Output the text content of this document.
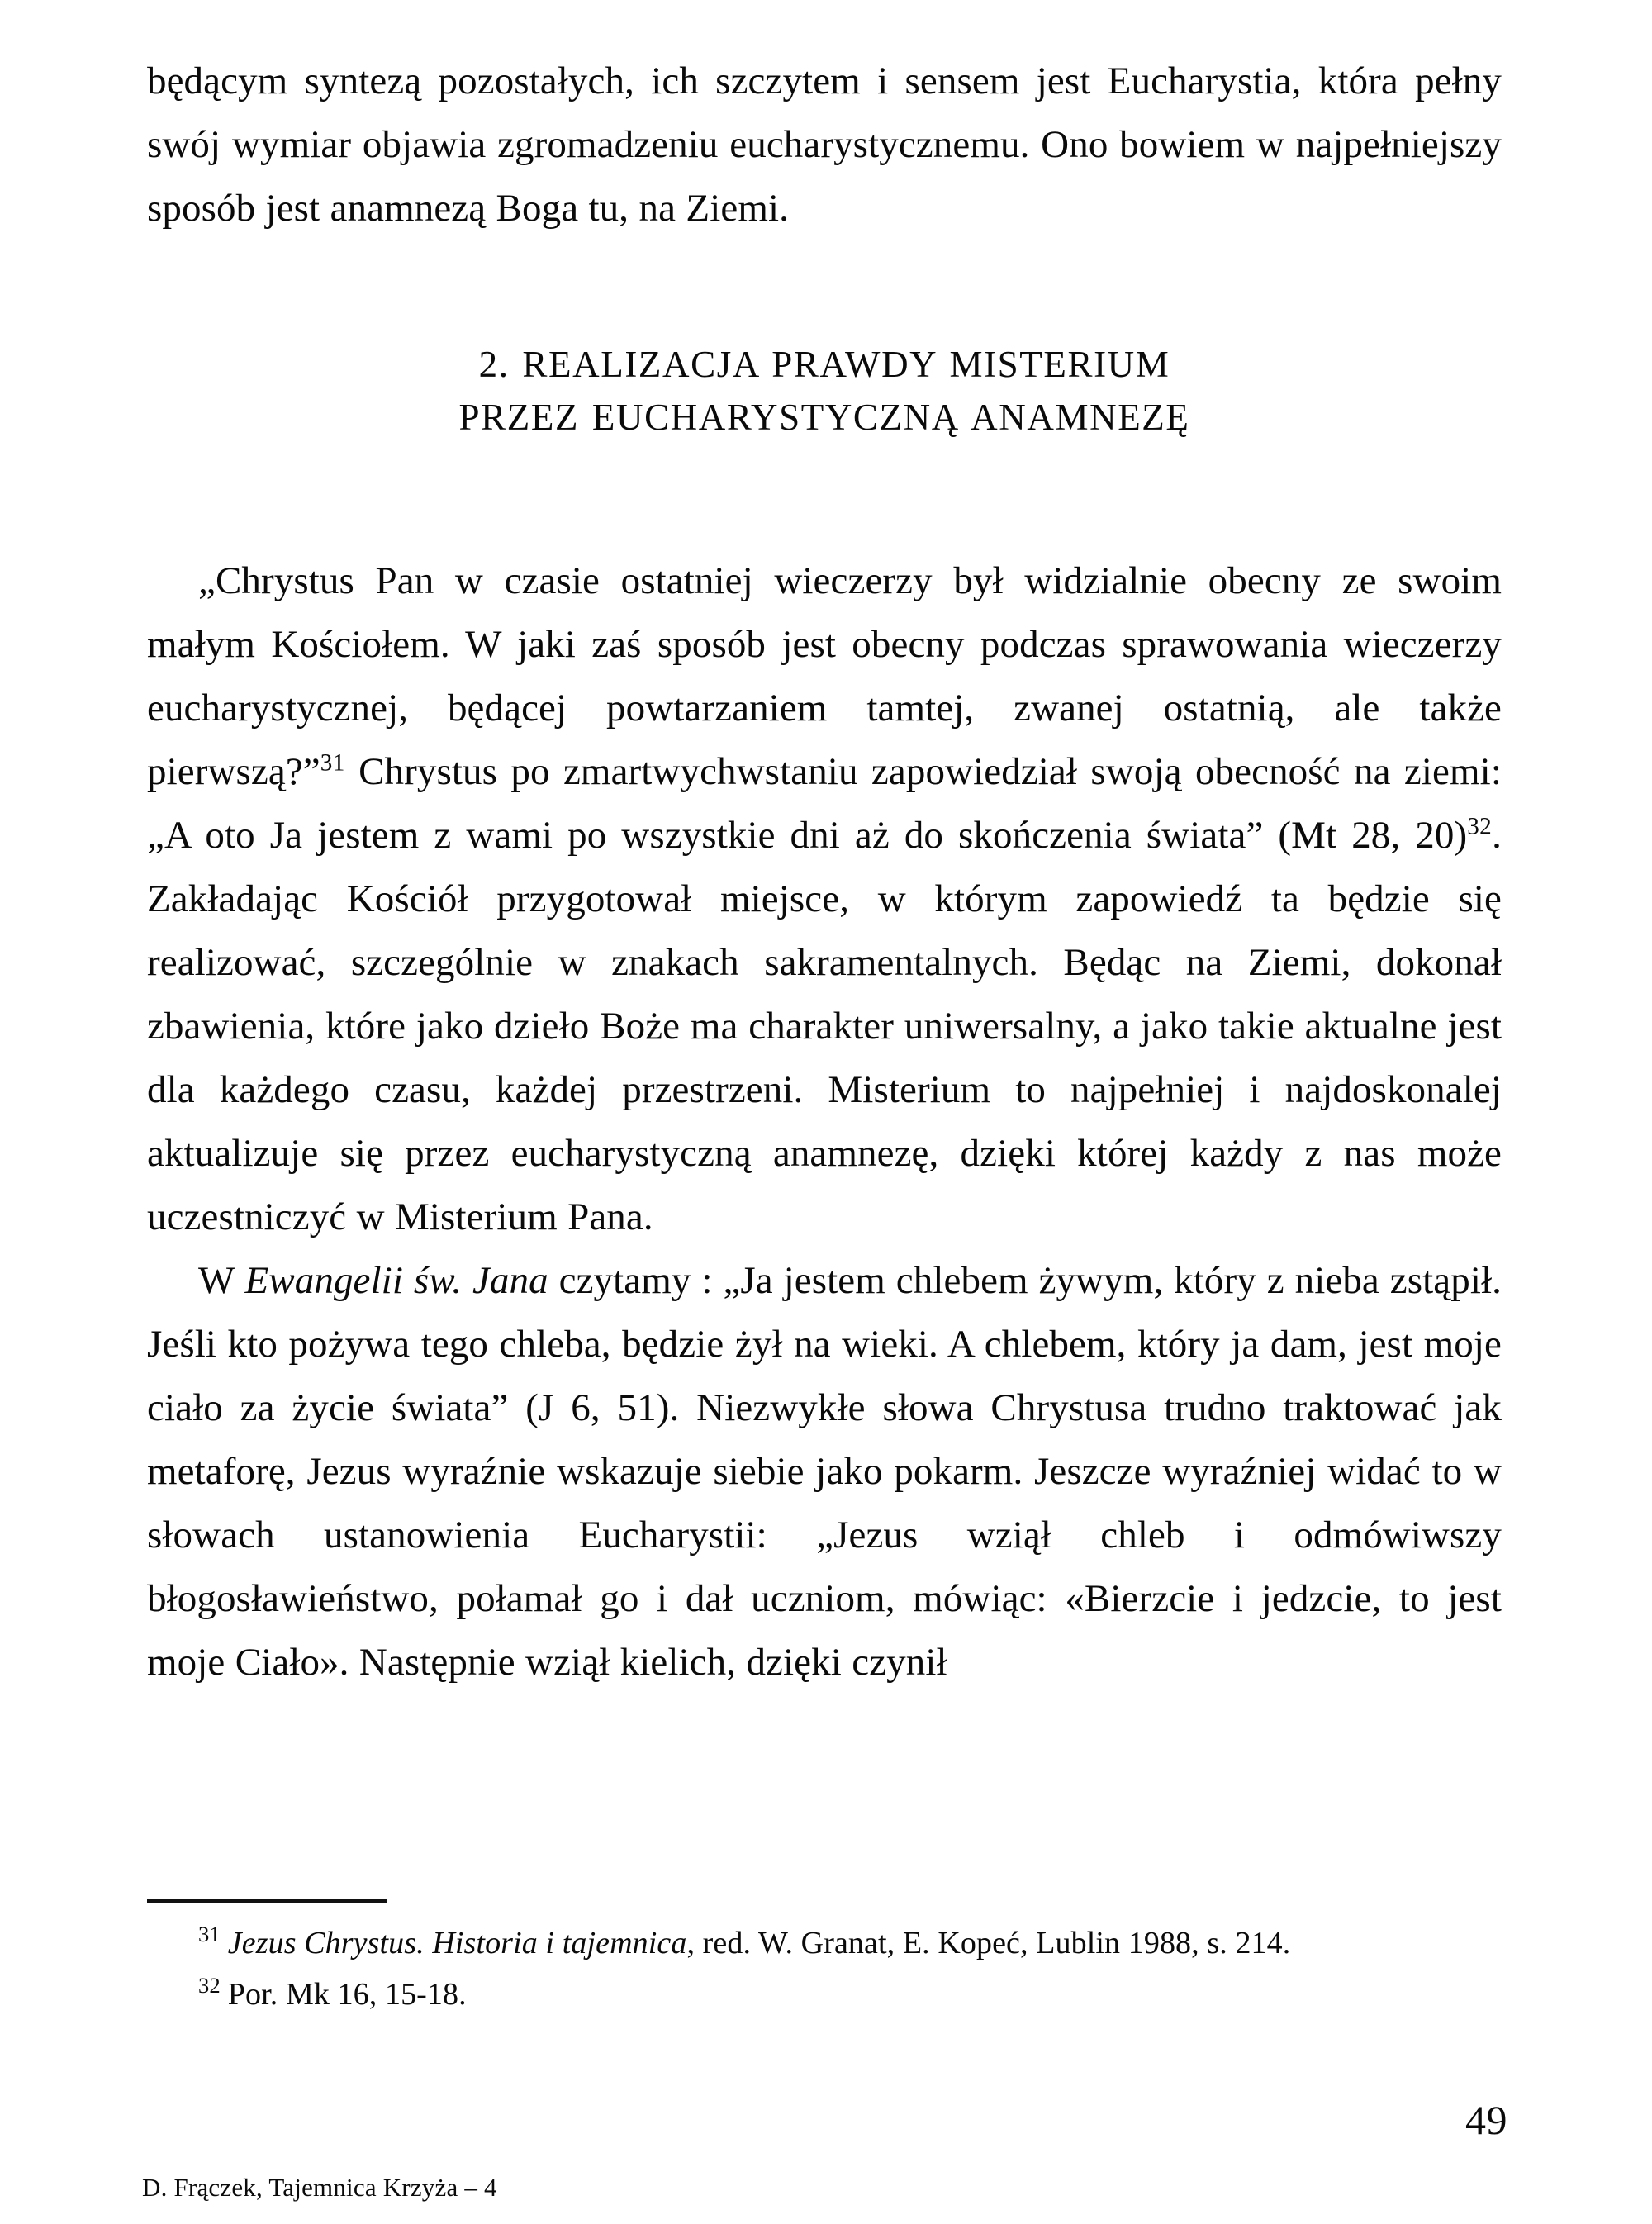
będącym syntezą pozostałych, ich szczytem i sensem jest Eucharystia, która pełny swój wymiar objawia zgromadzeniu eucharystycznemu. Ono bowiem w najpełniejszy sposób jest anamnezą Boga tu, na Ziemi.

2. REALIZACJA PRAWDY MISTERIUM
PRZEZ EUCHARYSTYCZNĄ ANAMNEZĘ

„Chrystus Pan w czasie ostatniej wieczerzy był widzialnie obecny ze swoim małym Kościołem. W jaki zaś sposób jest obecny podczas sprawowania wieczerzy eucharystycznej, będącej powtarzaniem tamtej, zwanej ostatnią, ale także pierwszą?”$^{31}$ Chrystus po zmartwychwstaniu zapowiedział swoją obecność na ziemi: „A oto Ja jestem z wami po wszystkie dni aż do skończenia świata” (Mt 28, 20)$^{32}$. Zakładając Kościół przygotował miejsce, w którym zapowiedź ta będzie się realizować, szczególnie w znakach sakramentalnych. Będąc na Ziemi, dokonał zbawienia, które jako dzieło Boże ma charakter uniwersalny, a jako takie aktualne jest dla każdego czasu, każdej przestrzeni. Misterium to najpełniej i najdoskonalej aktualizuje się przez eucharystyczną anamnezę, dzięki której każdy z nas może uczestniczyć w Misterium Pana.

W Ewangelii św. Jana czytamy : „Ja jestem chlebem żywym, który z nieba zstąpił. Jeśli kto pożywa tego chleba, będzie żył na wieki. A chlebem, który ja dam, jest moje ciało za życie świata” (J 6, 51). Niezwykłe słowa Chrystusa trudno traktować jak metaforę, Jezus wyraźnie wskazuje siebie jako pokarm. Jeszcze wyraźniej widać to w słowach ustanowienia Eucharystii: „Jezus wziął chleb i odmówiwszy błogosławieństwo, połamał go i dał uczniom, mówiąc: «Bierzcie i jedzcie, to jest moje Ciało». Następnie wziął kielich, dzięki czynił

$^{31}$ Jezus Chrystus. Historia i tajemnica, red. W. Granat, E. Kopeć, Lublin 1988, s. 214.

$^{32}$ Por. Mk 16, 15-18.

49
D. Frączek, Tajemnica Krzyża – 4
